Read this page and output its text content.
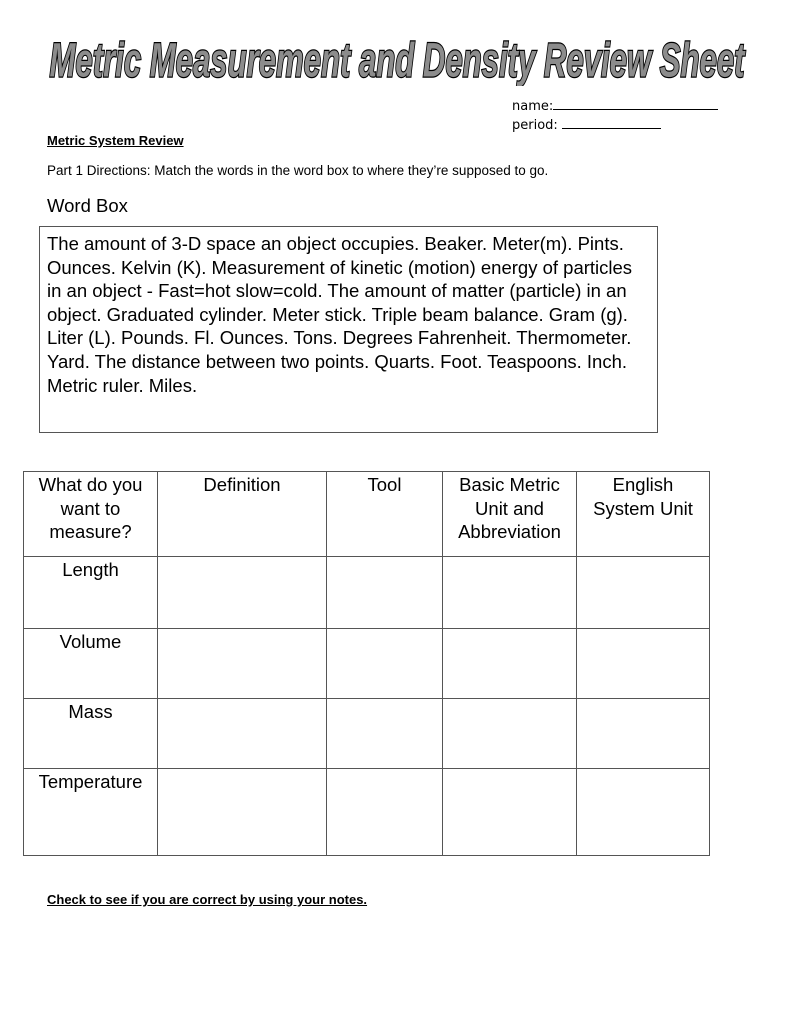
Metric Measurement and Density Review Sheet
name:
period:
Metric System Review
Part 1 Directions: Match the words in the word box to where they’re supposed to go.
Word Box
The amount of 3-D space an object occupies. Beaker. Meter(m). Pints. Ounces. Kelvin (K). Measurement of kinetic (motion) energy of particles in an object - Fast=hot slow=cold. The amount of matter (particle) in an object. Graduated cylinder. Meter stick. Triple beam balance. Gram (g). Liter (L). Pounds. Fl. Ounces. Tons. Degrees Fahrenheit. Thermometer. Yard. The distance between two points. Quarts. Foot. Teaspoons. Inch. Metric ruler. Miles.
What do you want to measure?	Definition	Tool	Basic Metric Unit and Abbreviation	English System Unit
Length				
Volume				
Mass				
Temperature				
Check to see if you are correct by using your notes.
